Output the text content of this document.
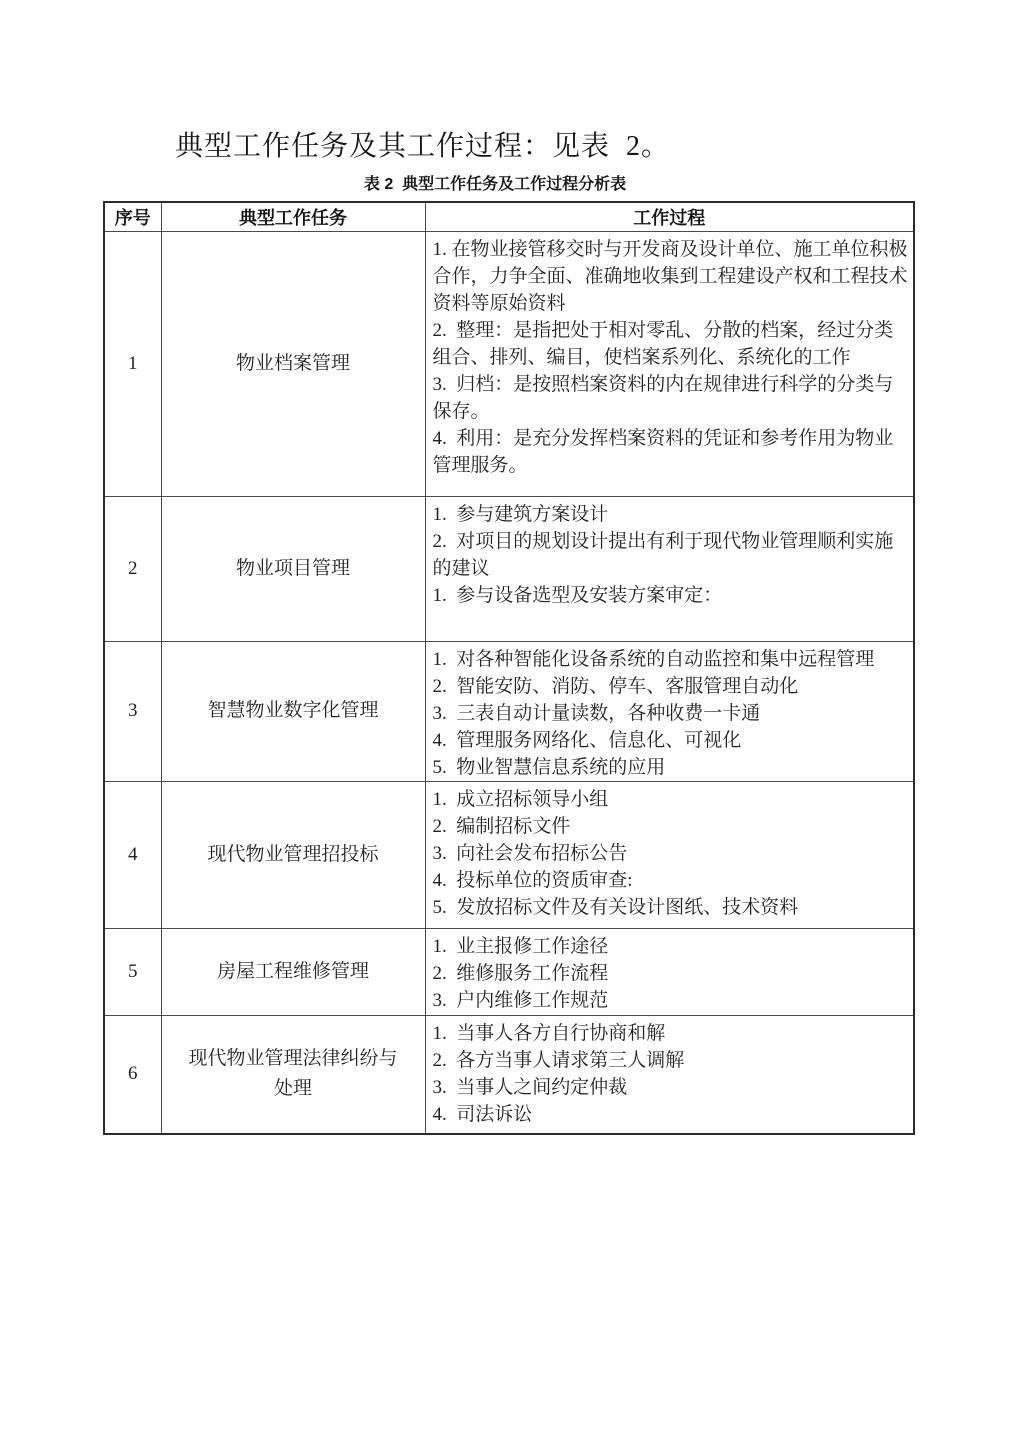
典型工作任务及其工作过程：见表  2。
表 2  典型工作任务及工作过程分析表
序号	典型工作任务	工作过程
1	物业档案管理	1. 在物业接管移交时与开发商及设计单位、施工单位积极合作，力争全面、准确地收集到工程建设产权和工程技术资料等原始资料

2.  整理：是指把处于相对零乱、分散的档案，经过分类组合、排列、编目，使档案系列化、系统化的工作

3.  归档：是按照档案资料的内在规律进行科学的分类与保存。

4.  利用：是充分发挥档案资料的凭证和参考作用为物业管理服务。

2	物业项目管理	1.  参与建筑方案设计

2.  对项目的规划设计提出有利于现代物业管理顺利实施的建议

1.  参与设备选型及安装方案审定：

3	智慧物业数字化管理	1.  对各种智能化设备系统的自动监控和集中远程管理

2.  智能安防、消防、停车、客服管理自动化

3.  三表自动计量读数，各种收费一卡通

4.  管理服务网络化、信息化、可视化

5.  物业智慧信息系统的应用

4	现代物业管理招投标	1.  成立招标领导小组

2.  编制招标文件

3.  向社会发布招标公告

4.  投标单位的资质审查:

5.  发放招标文件及有关设计图纸、技术资料

5	房屋工程维修管理	1.  业主报修工作途径

2.  维修服务工作流程

3.  户内维修工作规范

6	现代物业管理法律纠纷与处理	1.  当事人各方自行协商和解

2.  各方当事人请求第三人调解

3.  当事人之间约定仲裁

4.  司法诉讼
